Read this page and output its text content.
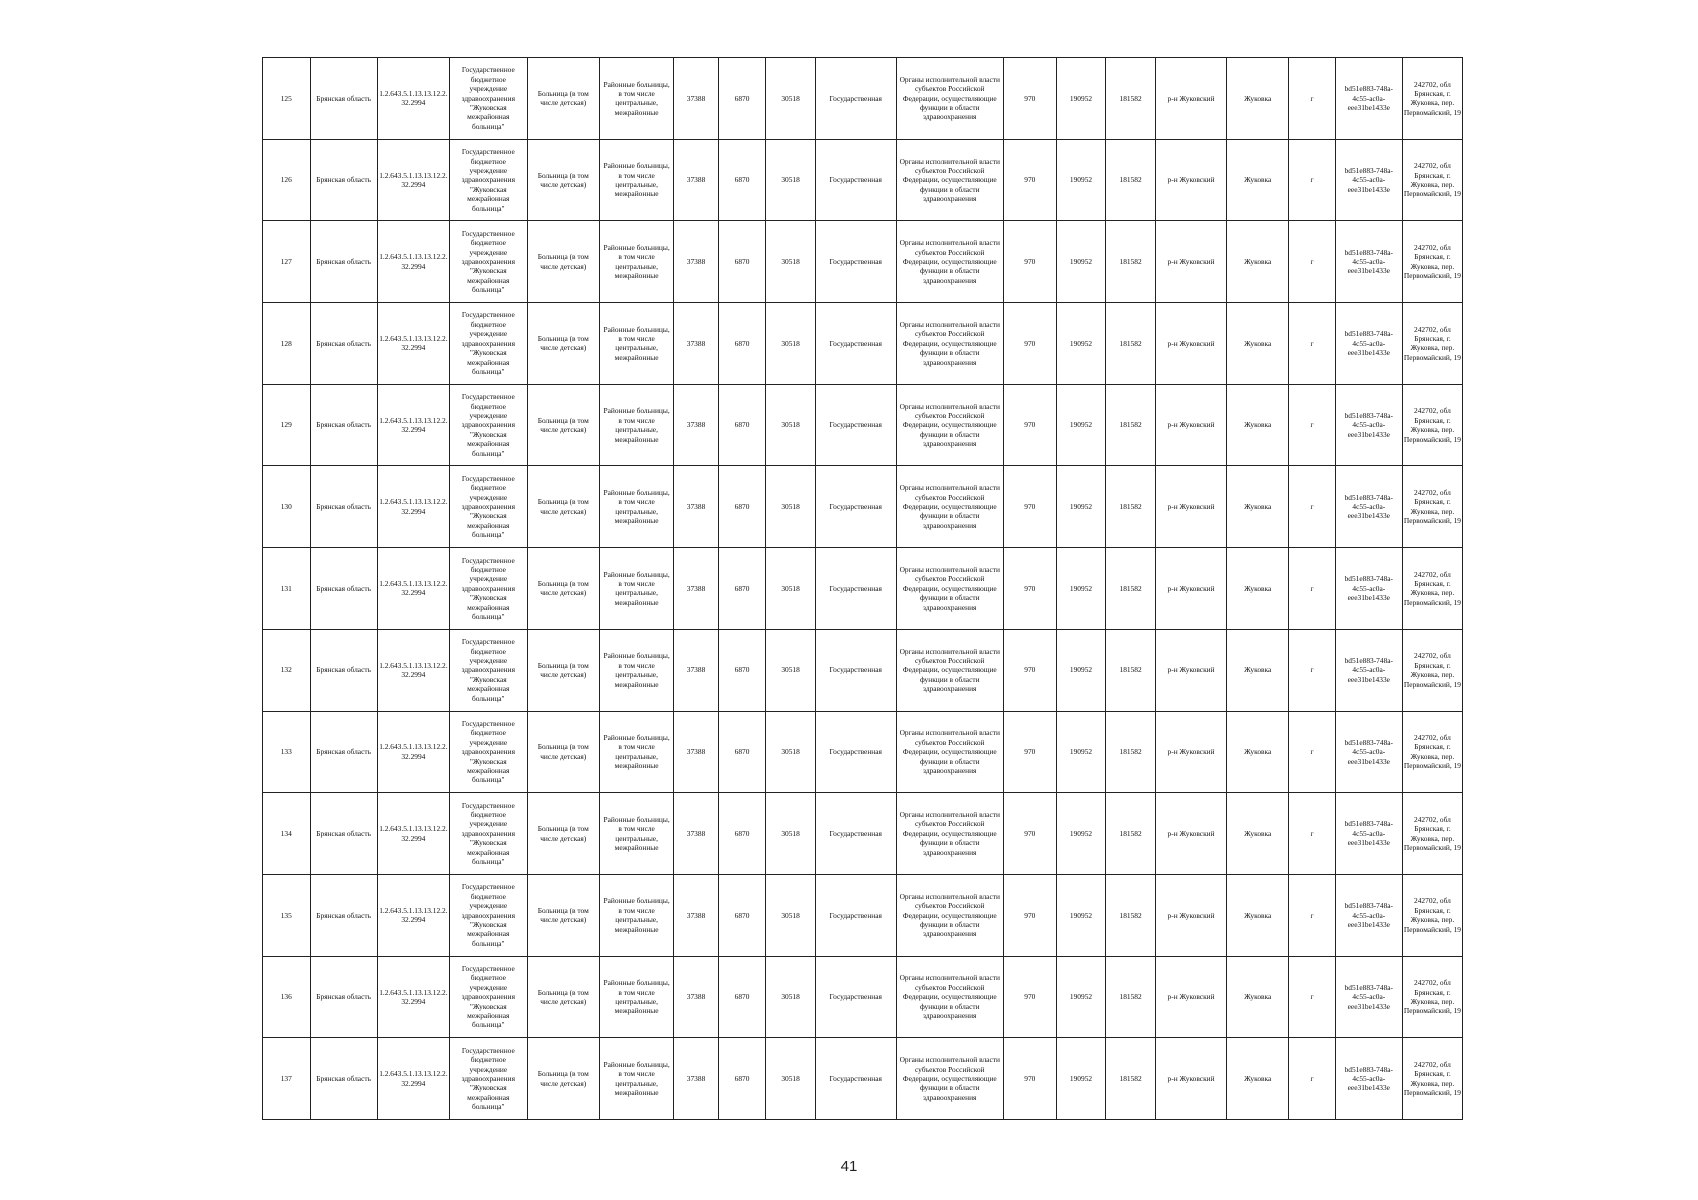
125	Брянская область	1.2.643.5.1.13.13.12.2.32.2994	Государственное бюджетное учреждение здравоохранения "Жуковская межрайонная больница"	Больница (в том числе детская)	Районные больницы, в том числе центральные, межрайонные	37388	6870	30518	Государственная	Органы исполнительной власти субъектов Российской Федерации, осуществляющие функции в области здравоохранения	970	190952	181582	р-н Жуковский	Жуковка	г	bd51e883-748a-4c55-ac0a-eee31be1433e	242702, обл Брянская, г. Жуковка, пер. Первомайский, 19
126	Брянская область	1.2.643.5.1.13.13.12.2.32.2994	Государственное бюджетное учреждение здравоохранения "Жуковская межрайонная больница"	Больница (в том числе детская)	Районные больницы, в том числе центральные, межрайонные	37388	6870	30518	Государственная	Органы исполнительной власти субъектов Российской Федерации, осуществляющие функции в области здравоохранения	970	190952	181582	р-н Жуковский	Жуковка	г	bd51e883-748a-4c55-ac0a-eee31be1433e	242702, обл Брянская, г. Жуковка, пер. Первомайский, 19
127	Брянская область	1.2.643.5.1.13.13.12.2.32.2994	Государственное бюджетное учреждение здравоохранения "Жуковская межрайонная больница"	Больница (в том числе детская)	Районные больницы, в том числе центральные, межрайонные	37388	6870	30518	Государственная	Органы исполнительной власти субъектов Российской Федерации, осуществляющие функции в области здравоохранения	970	190952	181582	р-н Жуковский	Жуковка	г	bd51e883-748a-4c55-ac0a-eee31be1433e	242702, обл Брянская, г. Жуковка, пер. Первомайский, 19
128	Брянская область	1.2.643.5.1.13.13.12.2.32.2994	Государственное бюджетное учреждение здравоохранения "Жуковская межрайонная больница"	Больница (в том числе детская)	Районные больницы, в том числе центральные, межрайонные	37388	6870	30518	Государственная	Органы исполнительной власти субъектов Российской Федерации, осуществляющие функции в области здравоохранения	970	190952	181582	р-н Жуковский	Жуковка	г	bd51e883-748a-4c55-ac0a-eee31be1433e	242702, обл Брянская, г. Жуковка, пер. Первомайский, 19
129	Брянская область	1.2.643.5.1.13.13.12.2.32.2994	Государственное бюджетное учреждение здравоохранения "Жуковская межрайонная больница"	Больница (в том числе детская)	Районные больницы, в том числе центральные, межрайонные	37388	6870	30518	Государственная	Органы исполнительной власти субъектов Российской Федерации, осуществляющие функции в области здравоохранения	970	190952	181582	р-н Жуковский	Жуковка	г	bd51e883-748a-4c55-ac0a-eee31be1433e	242702, обл Брянская, г. Жуковка, пер. Первомайский, 19
130	Брянская область	1.2.643.5.1.13.13.12.2.32.2994	Государственное бюджетное учреждение здравоохранения "Жуковская межрайонная больница"	Больница (в том числе детская)	Районные больницы, в том числе центральные, межрайонные	37388	6870	30518	Государственная	Органы исполнительной власти субъектов Российской Федерации, осуществляющие функции в области здравоохранения	970	190952	181582	р-н Жуковский	Жуковка	г	bd51e883-748a-4c55-ac0a-eee31be1433e	242702, обл Брянская, г. Жуковка, пер. Первомайский, 19
131	Брянская область	1.2.643.5.1.13.13.12.2.32.2994	Государственное бюджетное учреждение здравоохранения "Жуковская межрайонная больница"	Больница (в том числе детская)	Районные больницы, в том числе центральные, межрайонные	37388	6870	30518	Государственная	Органы исполнительной власти субъектов Российской Федерации, осуществляющие функции в области здравоохранения	970	190952	181582	р-н Жуковский	Жуковка	г	bd51e883-748a-4c55-ac0a-eee31be1433e	242702, обл Брянская, г. Жуковка, пер. Первомайский, 19
132	Брянская область	1.2.643.5.1.13.13.12.2.32.2994	Государственное бюджетное учреждение здравоохранения "Жуковская межрайонная больница"	Больница (в том числе детская)	Районные больницы, в том числе центральные, межрайонные	37388	6870	30518	Государственная	Органы исполнительной власти субъектов Российской Федерации, осуществляющие функции в области здравоохранения	970	190952	181582	р-н Жуковский	Жуковка	г	bd51e883-748a-4c55-ac0a-eee31be1433e	242702, обл Брянская, г. Жуковка, пер. Первомайский, 19
133	Брянская область	1.2.643.5.1.13.13.12.2.32.2994	Государственное бюджетное учреждение здравоохранения "Жуковская межрайонная больница"	Больница (в том числе детская)	Районные больницы, в том числе центральные, межрайонные	37388	6870	30518	Государственная	Органы исполнительной власти субъектов Российской Федерации, осуществляющие функции в области здравоохранения	970	190952	181582	р-н Жуковский	Жуковка	г	bd51e883-748a-4c55-ac0a-eee31be1433e	242702, обл Брянская, г. Жуковка, пер. Первомайский, 19
134	Брянская область	1.2.643.5.1.13.13.12.2.32.2994	Государственное бюджетное учреждение здравоохранения "Жуковская межрайонная больница"	Больница (в том числе детская)	Районные больницы, в том числе центральные, межрайонные	37388	6870	30518	Государственная	Органы исполнительной власти субъектов Российской Федерации, осуществляющие функции в области здравоохранения	970	190952	181582	р-н Жуковский	Жуковка	г	bd51e883-748a-4c55-ac0a-eee31be1433e	242702, обл Брянская, г. Жуковка, пер. Первомайский, 19
135	Брянская область	1.2.643.5.1.13.13.12.2.32.2994	Государственное бюджетное учреждение здравоохранения "Жуковская межрайонная больница"	Больница (в том числе детская)	Районные больницы, в том числе центральные, межрайонные	37388	6870	30518	Государственная	Органы исполнительной власти субъектов Российской Федерации, осуществляющие функции в области здравоохранения	970	190952	181582	р-н Жуковский	Жуковка	г	bd51e883-748a-4c55-ac0a-eee31be1433e	242702, обл Брянская, г. Жуковка, пер. Первомайский, 19
136	Брянская область	1.2.643.5.1.13.13.12.2.32.2994	Государственное бюджетное учреждение здравоохранения "Жуковская межрайонная больница"	Больница (в том числе детская)	Районные больницы, в том числе центральные, межрайонные	37388	6870	30518	Государственная	Органы исполнительной власти субъектов Российской Федерации, осуществляющие функции в области здравоохранения	970	190952	181582	р-н Жуковский	Жуковка	г	bd51e883-748a-4c55-ac0a-eee31be1433e	242702, обл Брянская, г. Жуковка, пер. Первомайский, 19
137	Брянская область	1.2.643.5.1.13.13.12.2.32.2994	Государственное бюджетное учреждение здравоохранения "Жуковская межрайонная больница"	Больница (в том числе детская)	Районные больницы, в том числе центральные, межрайонные	37388	6870	30518	Государственная	Органы исполнительной власти субъектов Российской Федерации, осуществляющие функции в области здравоохранения	970	190952	181582	р-н Жуковский	Жуковка	г	bd51e883-748a-4c55-ac0a-eee31be1433e	242702, обл Брянская, г. Жуковка, пер. Первомайский, 19
41
